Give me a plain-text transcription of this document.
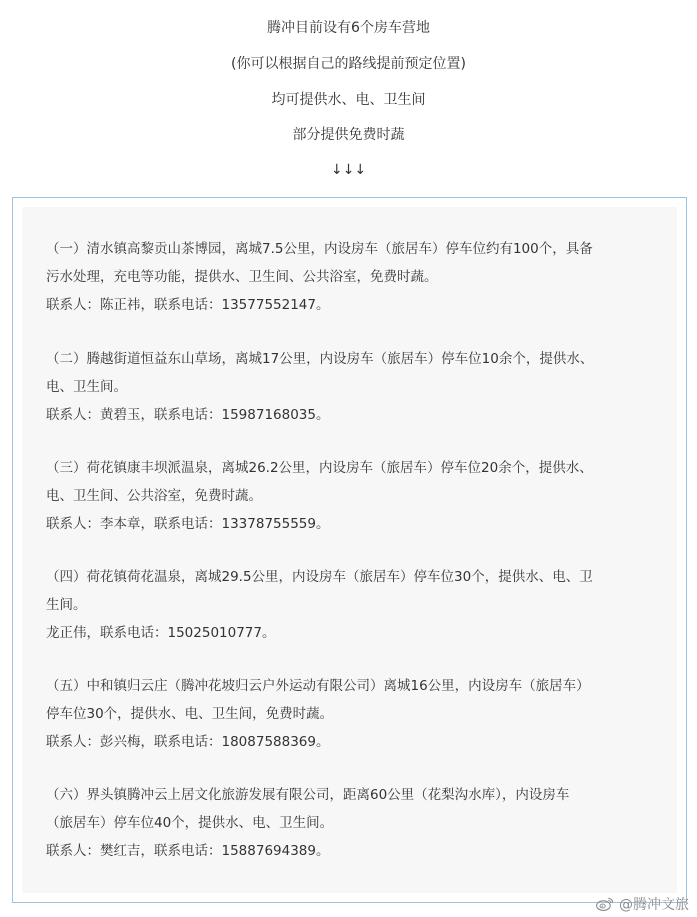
腾冲目前设有6个房车营地
(你可以根据自己的路线提前预定位置)
均可提供水、电、卫生间
部分提供免费时蔬
↓↓↓

（一）清水镇高黎贡山茶博园，离城7.5公里，内设房车（旅居车）停车位约有100个，具备

污水处理，充电等功能，提供水、卫生间、公共浴室，免费时蔬。

联系人：陈正祎，联系电话：13577552147。

（二）腾越街道恒益东山草场，离城17公里，内设房车（旅居车）停车位10余个，提供水、

电、卫生间。

联系人：黄碧玉，联系电话：15987168035。

（三）荷花镇康丰坝派温泉，离城26.2公里，内设房车（旅居车）停车位20余个，提供水、

电、卫生间、公共浴室，免费时蔬。

联系人：李本章，联系电话：13378755559。

（四）荷花镇荷花温泉，离城29.5公里，内设房车（旅居车）停车位30个，提供水、电、卫

生间。

龙正伟，联系电话：15025010777。

（五）中和镇归云庄（腾冲花坡归云户外运动有限公司）离城16公里，内设房车（旅居车）

停车位30个，提供水、电、卫生间，免费时蔬。

联系人：彭兴梅，联系电话：18087588369。

（六）界头镇腾冲云上居文化旅游发展有限公司，距离60公里（花梨沟水库），内设房车

（旅居车）停车位40个，提供水、电、卫生间。

联系人：樊红吉，联系电话：15887694389。

@腾冲文旅
